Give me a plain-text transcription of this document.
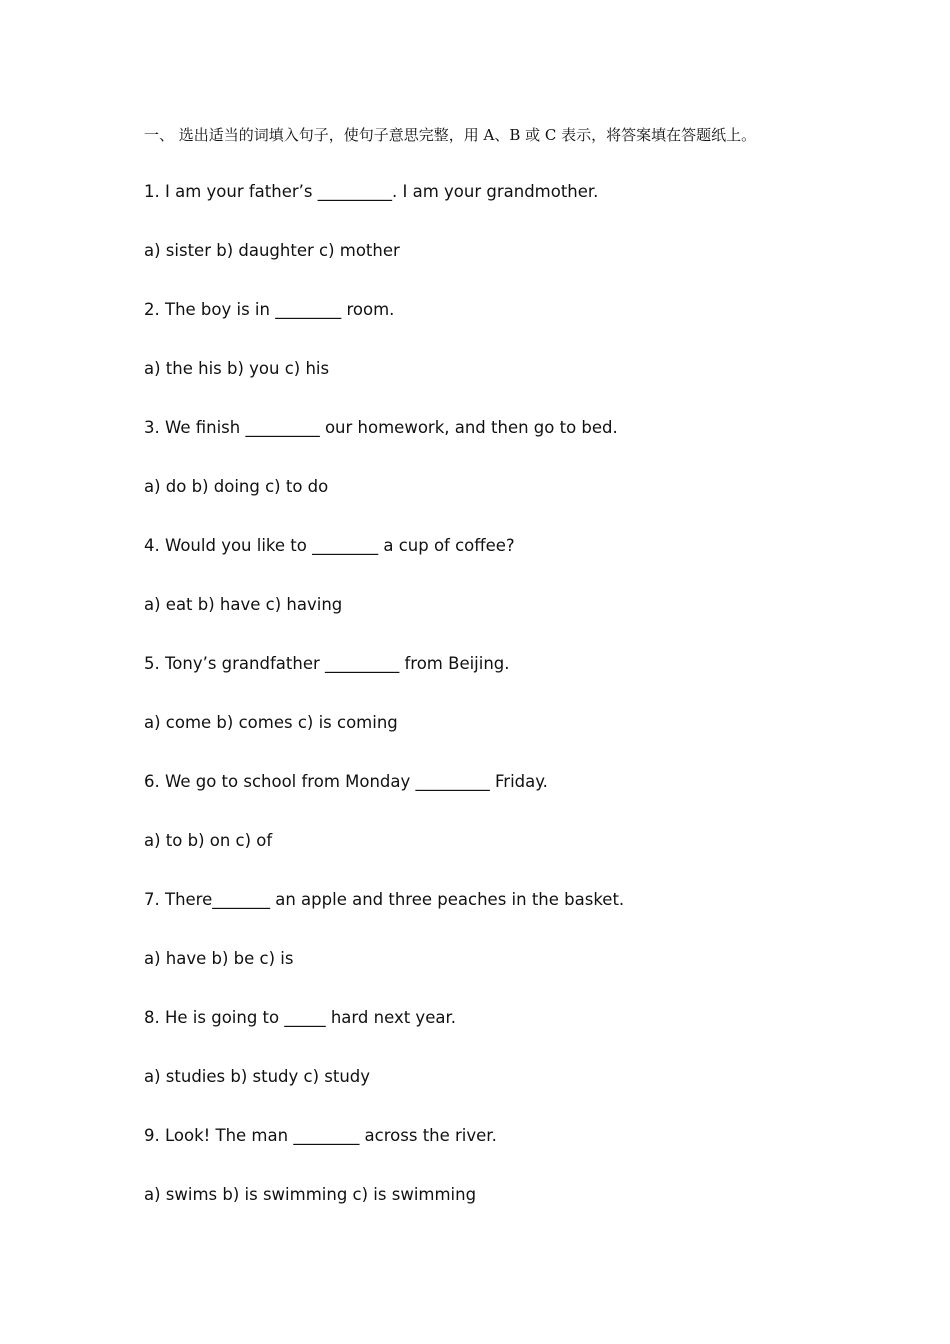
一、 选出适当的词填入句子，使句子意思完整，用 A、B 或 C 表示，将答案填在答题纸上。
1. I am your father’s _________. I am your grandmother.
a) sister b) daughter c) mother
2. The boy is in ________ room.
a) the his b) you c) his
3. We finish _________ our homework, and then go to bed.
a) do b) doing c) to do
4. Would you like to ________ a cup of coffee?
a) eat b) have c) having
5. Tony’s grandfather _________ from Beijing.
a) come b) comes c) is coming
6. We go to school from Monday _________ Friday.
a) to b) on c) of
7. There_______ an apple and three peaches in the basket.
a) have b) be c) is
8. He is going to _____ hard next year.
a) studies b) study c) study
9. Look! The man ________ across the river.
a) swims b) is swimming c) is swimming
